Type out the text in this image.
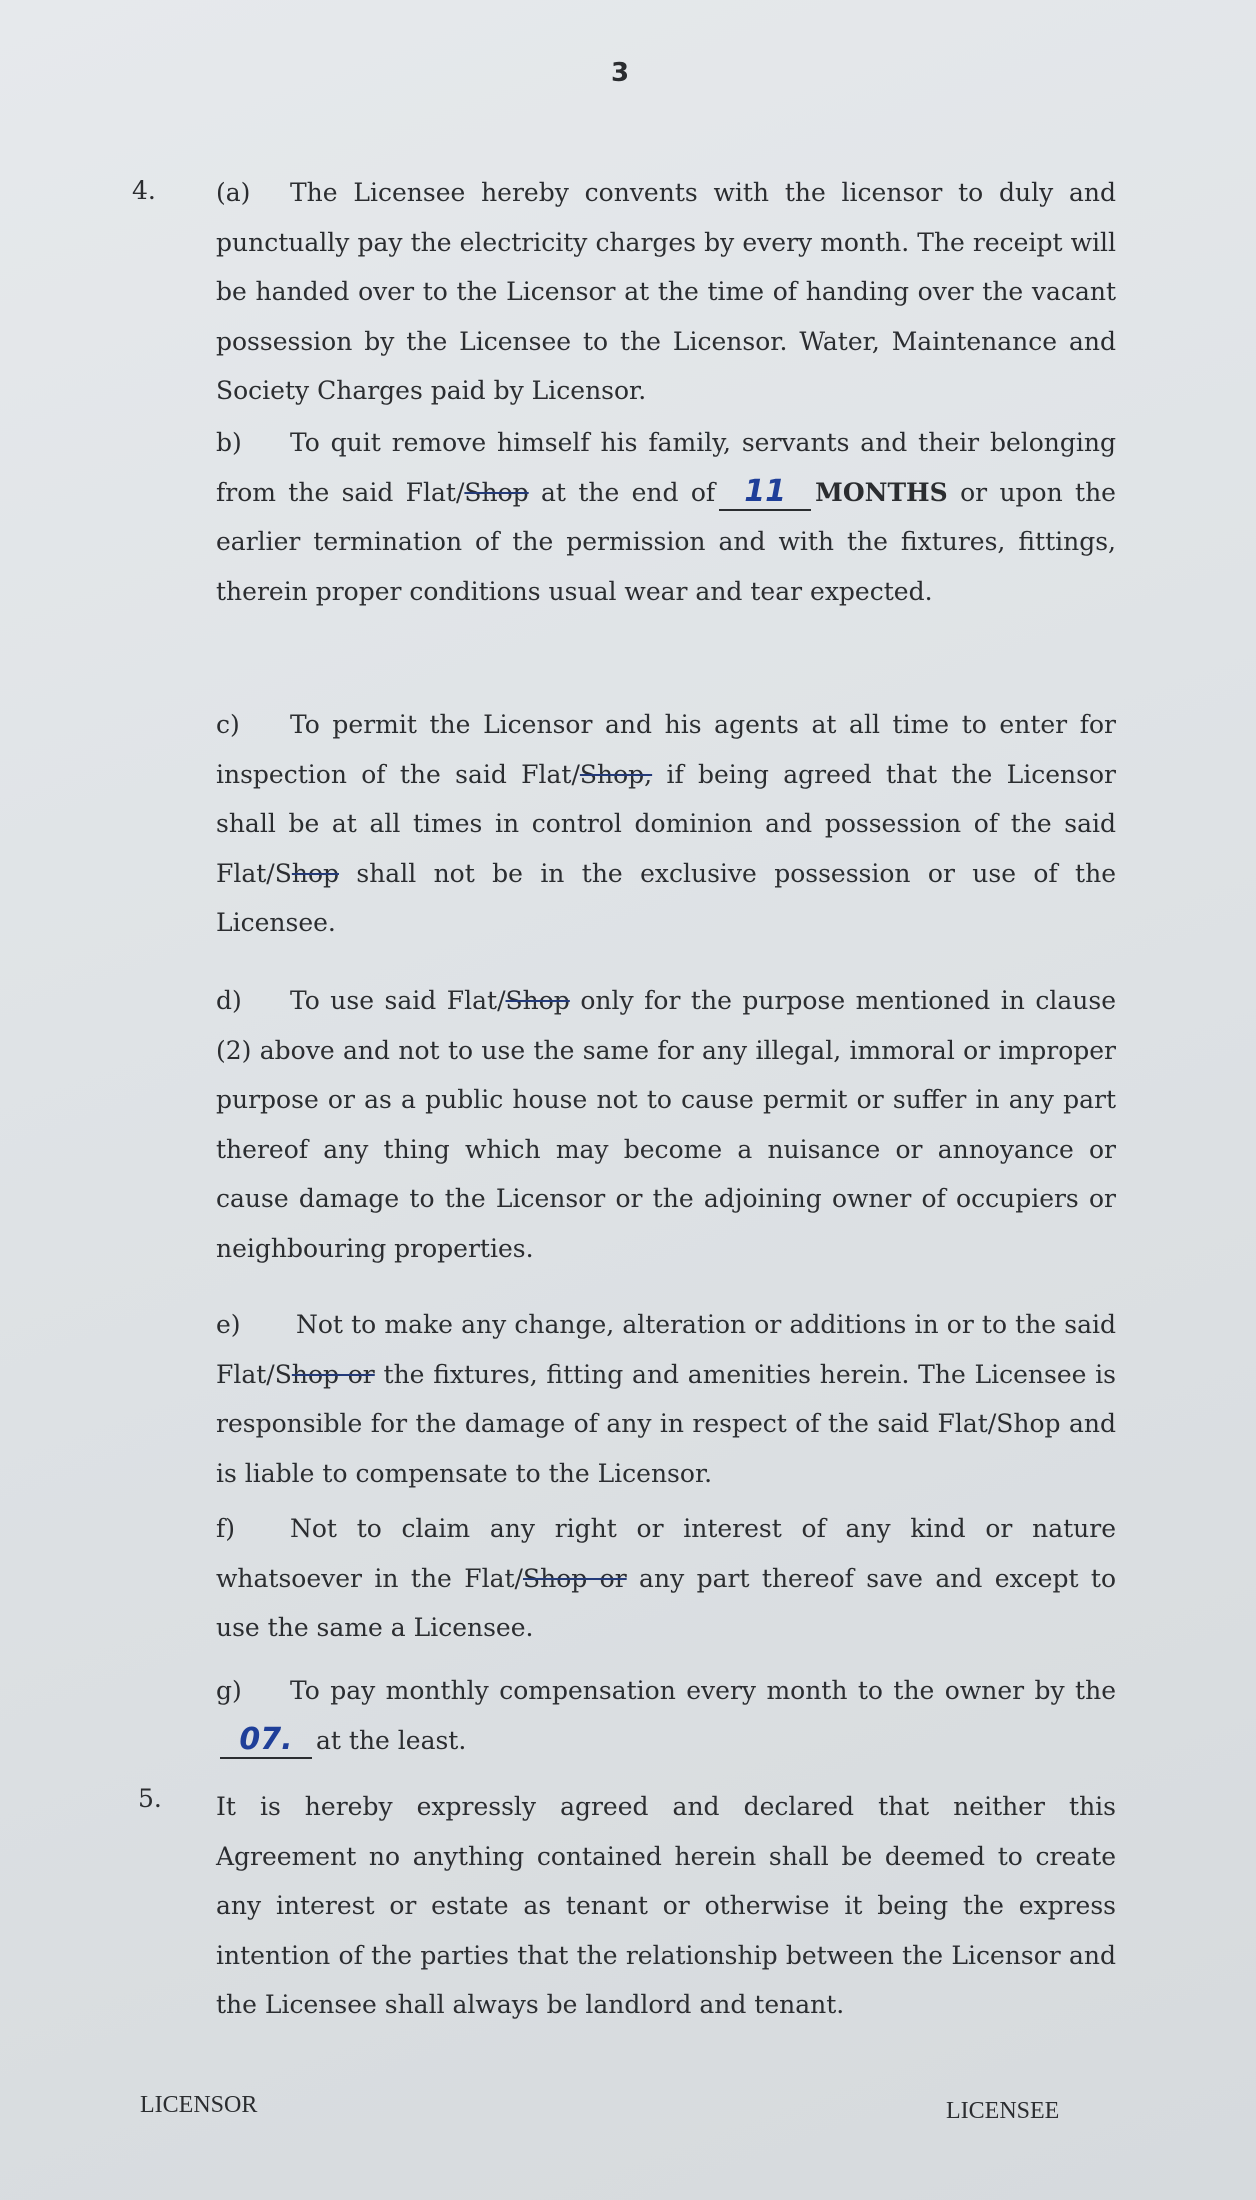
3
4. (a) The Licensee hereby convents with the licensor to duly and punctually pay the electricity charges by every month. The receipt will be handed over to the Licensor at the time of handing over the vacant possession by the Licensee to the Licensor. Water, Maintenance and Society Charges paid by Licensor.
b) To quit remove himself his family, servants and their belonging from the said Flat/Shop at the end of 11 MONTHS or upon the earlier termination of the permission and with the fixtures, fittings, therein proper conditions usual wear and tear expected.
c) To permit the Licensor and his agents at all time to enter for inspection of the said Flat/Shop, if being agreed that the Licensor shall be at all times in control dominion and possession of the said Flat/Shop shall not be in the exclusive possession or use of the Licensee.
d) To use said Flat/Shop only for the purpose mentioned in clause (2) above and not to use the same for any illegal, immoral or improper purpose or as a public house not to cause permit or suffer in any part thereof any thing which may become a nuisance or annoyance or cause damage to the Licensor or the adjoining owner of occupiers or neighbouring properties.
e) Not to make any change, alteration or additions in or to the said Flat/Shop or the fixtures, fitting and amenities herein. The Licensee is responsible for the damage of any in respect of the said Flat/Shop and is liable to compensate to the Licensor.
f) Not to claim any right or interest of any kind or nature whatsoever in the Flat/Shop or any part thereof save and except to use the same a Licensee.
g) To pay monthly compensation every month to the owner by the07. at the least.
5. It is hereby expressly agreed and declared that neither this Agreement no anything contained herein shall be deemed to create any interest or estate as tenant or otherwise it being the express intention of the parties that the relationship between the Licensor and the Licensee shall always be landlord and tenant.
LICENSOR	LICENSEE
